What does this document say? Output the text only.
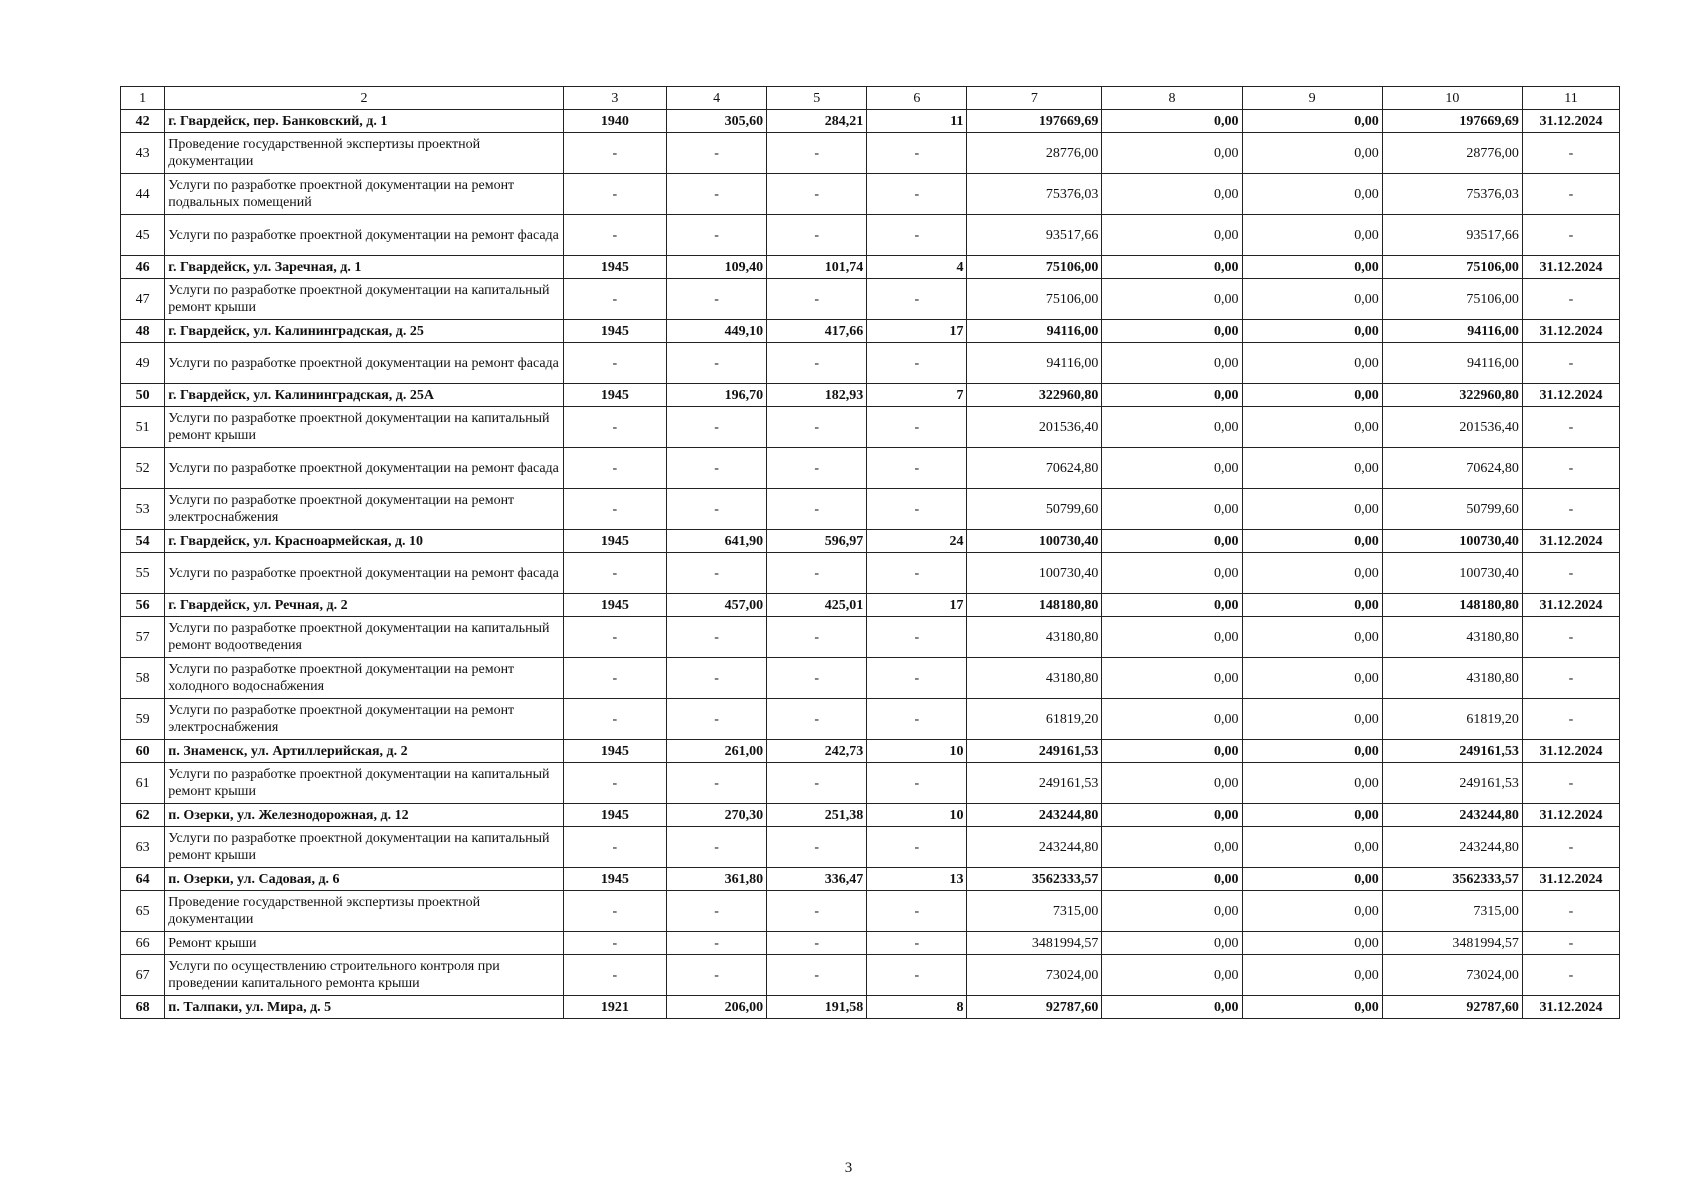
1	2	3	4	5	6	7	8	9	10	11
42	г. Гвардейск, пер. Банковский, д. 1	1940	305,60	284,21	11	197669,69	0,00	0,00	197669,69	31.12.2024
43	Проведение государственной экспертизы проектной документации	-	-	-	-	28776,00	0,00	0,00	28776,00	-
44	Услуги по разработке проектной документации на ремонт подвальных помещений	-	-	-	-	75376,03	0,00	0,00	75376,03	-
45	Услуги по разработке проектной документации на ремонт фасада	-	-	-	-	93517,66	0,00	0,00	93517,66	-
46	г. Гвардейск, ул. Заречная, д. 1	1945	109,40	101,74	4	75106,00	0,00	0,00	75106,00	31.12.2024
47	Услуги по разработке проектной документации на капитальный ремонт крыши	-	-	-	-	75106,00	0,00	0,00	75106,00	-
48	г. Гвардейск, ул. Калининградская, д. 25	1945	449,10	417,66	17	94116,00	0,00	0,00	94116,00	31.12.2024
49	Услуги по разработке проектной документации на ремонт фасада	-	-	-	-	94116,00	0,00	0,00	94116,00	-
50	г. Гвардейск, ул. Калининградская, д. 25А	1945	196,70	182,93	7	322960,80	0,00	0,00	322960,80	31.12.2024
51	Услуги по разработке проектной документации на капитальный ремонт крыши	-	-	-	-	201536,40	0,00	0,00	201536,40	-
52	Услуги по разработке проектной документации на ремонт фасада	-	-	-	-	70624,80	0,00	0,00	70624,80	-
53	Услуги по разработке проектной документации на ремонт электроснабжения	-	-	-	-	50799,60	0,00	0,00	50799,60	-
54	г. Гвардейск, ул. Красноармейская, д. 10	1945	641,90	596,97	24	100730,40	0,00	0,00	100730,40	31.12.2024
55	Услуги по разработке проектной документации на ремонт фасада	-	-	-	-	100730,40	0,00	0,00	100730,40	-
56	г. Гвардейск, ул. Речная, д. 2	1945	457,00	425,01	17	148180,80	0,00	0,00	148180,80	31.12.2024
57	Услуги по разработке проектной документации на капитальный ремонт водоотведения	-	-	-	-	43180,80	0,00	0,00	43180,80	-
58	Услуги по разработке проектной документации на ремонт холодного водоснабжения	-	-	-	-	43180,80	0,00	0,00	43180,80	-
59	Услуги по разработке проектной документации на ремонт электроснабжения	-	-	-	-	61819,20	0,00	0,00	61819,20	-
60	п. Знаменск, ул. Артиллерийская, д. 2	1945	261,00	242,73	10	249161,53	0,00	0,00	249161,53	31.12.2024
61	Услуги по разработке проектной документации на капитальный ремонт крыши	-	-	-	-	249161,53	0,00	0,00	249161,53	-
62	п. Озерки, ул. Железнодорожная, д. 12	1945	270,30	251,38	10	243244,80	0,00	0,00	243244,80	31.12.2024
63	Услуги по разработке проектной документации на капитальный ремонт крыши	-	-	-	-	243244,80	0,00	0,00	243244,80	-
64	п. Озерки, ул. Садовая, д. 6	1945	361,80	336,47	13	3562333,57	0,00	0,00	3562333,57	31.12.2024
65	Проведение государственной экспертизы проектной документации	-	-	-	-	7315,00	0,00	0,00	7315,00	-
66	Ремонт крыши	-	-	-	-	3481994,57	0,00	0,00	3481994,57	-
67	Услуги по осуществлению строительного контроля при проведении капитального ремонта крыши	-	-	-	-	73024,00	0,00	0,00	73024,00	-
68	п. Талпаки, ул. Мира, д. 5	1921	206,00	191,58	8	92787,60	0,00	0,00	92787,60	31.12.2024
3
